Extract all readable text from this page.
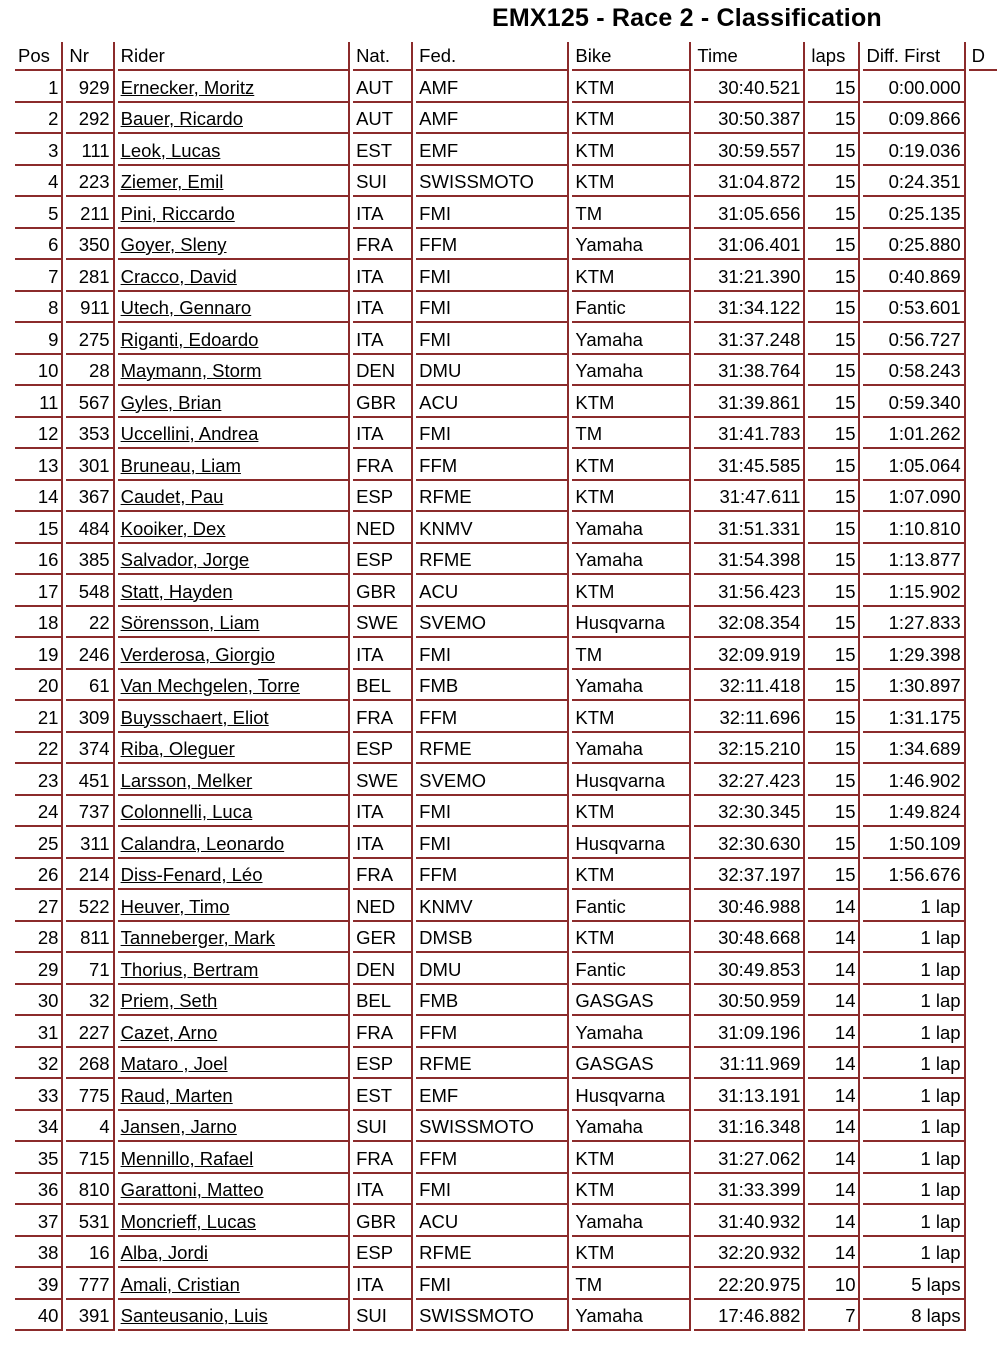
EMX125 - Race 2 - Classification
Pos	Nr	Rider	Nat.	Fed.	Bike	Time	laps	Diff. First	D
1	929	Ernecker, Moritz	AUT	AMF	KTM	30:40.521	15	0:00.000	
2	292	Bauer, Ricardo	AUT	AMF	KTM	30:50.387	15	0:09.866	
3	111	Leok, Lucas	EST	EMF	KTM	30:59.557	15	0:19.036	
4	223	Ziemer, Emil	SUI	SWISSMOTO	KTM	31:04.872	15	0:24.351	
5	211	Pini, Riccardo	ITA	FMI	TM	31:05.656	15	0:25.135	
6	350	Goyer, Sleny	FRA	FFM	Yamaha	31:06.401	15	0:25.880	
7	281	Cracco, David	ITA	FMI	KTM	31:21.390	15	0:40.869	
8	911	Utech, Gennaro	ITA	FMI	Fantic	31:34.122	15	0:53.601	
9	275	Riganti, Edoardo	ITA	FMI	Yamaha	31:37.248	15	0:56.727	
10	28	Maymann, Storm	DEN	DMU	Yamaha	31:38.764	15	0:58.243	
11	567	Gyles, Brian	GBR	ACU	KTM	31:39.861	15	0:59.340	
12	353	Uccellini, Andrea	ITA	FMI	TM	31:41.783	15	1:01.262	
13	301	Bruneau, Liam	FRA	FFM	KTM	31:45.585	15	1:05.064	
14	367	Caudet, Pau	ESP	RFME	KTM	31:47.611	15	1:07.090	
15	484	Kooiker, Dex	NED	KNMV	Yamaha	31:51.331	15	1:10.810	
16	385	Salvador, Jorge	ESP	RFME	Yamaha	31:54.398	15	1:13.877	
17	548	Statt, Hayden	GBR	ACU	KTM	31:56.423	15	1:15.902	
18	22	Sörensson, Liam	SWE	SVEMO	Husqvarna	32:08.354	15	1:27.833	
19	246	Verderosa, Giorgio	ITA	FMI	TM	32:09.919	15	1:29.398	
20	61	Van Mechgelen, Torre	BEL	FMB	Yamaha	32:11.418	15	1:30.897	
21	309	Buysschaert, Eliot	FRA	FFM	KTM	32:11.696	15	1:31.175	
22	374	Riba, Oleguer	ESP	RFME	Yamaha	32:15.210	15	1:34.689	
23	451	Larsson, Melker	SWE	SVEMO	Husqvarna	32:27.423	15	1:46.902	
24	737	Colonnelli, Luca	ITA	FMI	KTM	32:30.345	15	1:49.824	
25	311	Calandra, Leonardo	ITA	FMI	Husqvarna	32:30.630	15	1:50.109	
26	214	Diss-Fenard, Léo	FRA	FFM	KTM	32:37.197	15	1:56.676	
27	522	Heuver, Timo	NED	KNMV	Fantic	30:46.988	14	1 lap	
28	811	Tanneberger, Mark	GER	DMSB	KTM	30:48.668	14	1 lap	
29	71	Thorius, Bertram	DEN	DMU	Fantic	30:49.853	14	1 lap	
30	32	Priem, Seth	BEL	FMB	GASGAS	30:50.959	14	1 lap	
31	227	Cazet, Arno	FRA	FFM	Yamaha	31:09.196	14	1 lap	
32	268	Mataro , Joel	ESP	RFME	GASGAS	31:11.969	14	1 lap	
33	775	Raud, Marten	EST	EMF	Husqvarna	31:13.191	14	1 lap	
34	4	Jansen, Jarno	SUI	SWISSMOTO	Yamaha	31:16.348	14	1 lap	
35	715	Mennillo, Rafael	FRA	FFM	KTM	31:27.062	14	1 lap	
36	810	Garattoni, Matteo	ITA	FMI	KTM	31:33.399	14	1 lap	
37	531	Moncrieff, Lucas	GBR	ACU	Yamaha	31:40.932	14	1 lap	
38	16	Alba, Jordi	ESP	RFME	KTM	32:20.932	14	1 lap	
39	777	Amali, Cristian	ITA	FMI	TM	22:20.975	10	5 laps	
40	391	Santeusanio, Luis	SUI	SWISSMOTO	Yamaha	17:46.882	7	8 laps	
